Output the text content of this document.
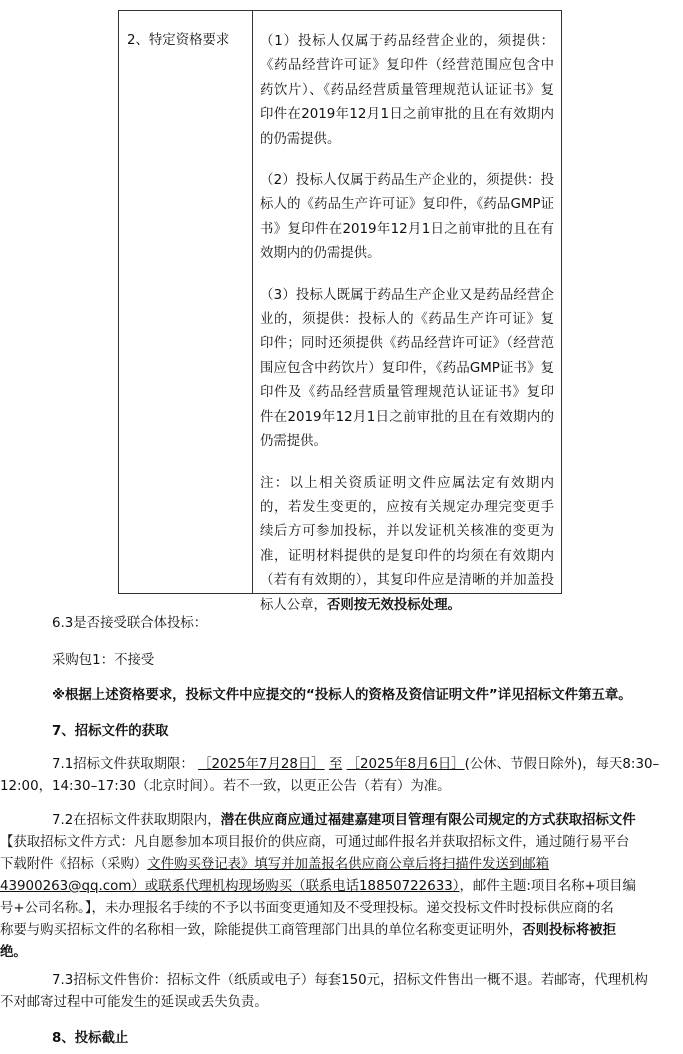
2、特定资格要求 （1）投标人仅属于药品经营企业的，须提供：《药品经营许可证》复印件（经营范围应包含中药饮片）、《药品经营质量管理规范认证证书》复印件在2019年12月1日之前审批的且在有效期内的仍需提供。

（2）投标人仅属于药品生产企业的，须提供：投标人的《药品生产许可证》复印件，《药品GMP证书》复印件在2019年12月1日之前审批的且在有效期内的仍需提供。

（3）投标人既属于药品生产企业又是药品经营企业的，须提供：投标人的《药品生产许可证》复印件；同时还须提供《药品经营许可证》（经营范围应包含中药饮片）复印件，《药品GMP证书》复印件及《药品经营质量管理规范认证证书》复印件在2019年12月1日之前审批的且在有效期内的仍需提供。

注：以上相关资质证明文件应属法定有效期内的，若发生变更的，应按有关规定办理完变更手续后方可参加投标，并以发证机关核准的变更为准，证明材料提供的是复印件的均须在有效期内（若有有效期的），其复印件应是清晰的并加盖投标人公章，否则按无效投标处理。

6.3是否接受联合体投标：
采购包1：不接受
※根据上述资格要求，投标文件中应提交的“投标人的资格及资信证明文件”详见招标文件第五章。
7、招标文件的获取
7.1招标文件获取期限： ［2025年7月28日］ 至 ［2025年8月6日］(公休、节假日除外)，每天8:30–
12:00，14:30–17:30（北京时间）。若不一致，以更正公告（若有）为准。
7.2在招标文件获取期限内，潜在供应商应通过福建嘉建项目管理有限公司规定的方式获取招标文件
【获取招标文件方式：凡自愿参加本项目报价的供应商，可通过邮件报名并获取招标文件，通过随行易平台
下载附件《招标（采购）文件购买登记表》填写并加盖报名供应商公章后将扫描件发送到邮箱
43900263@qq.com）或联系代理机构现场购买（联系电话18850722633），邮件主题:项目名称+项目编
号+公司名称。】，未办理报名手续的不予以书面变更通知及不受理投标。递交投标文件时投标供应商的名
称要与购买招标文件的名称相一致，除能提供工商管理部门出具的单位名称变更证明外，否则投标将被拒
绝。
7.3招标文件售价：招标文件（纸质或电子）每套150元，招标文件售出一概不退。若邮寄，代理机构
不对邮寄过程中可能发生的延误或丢失负责。
8、投标截止
